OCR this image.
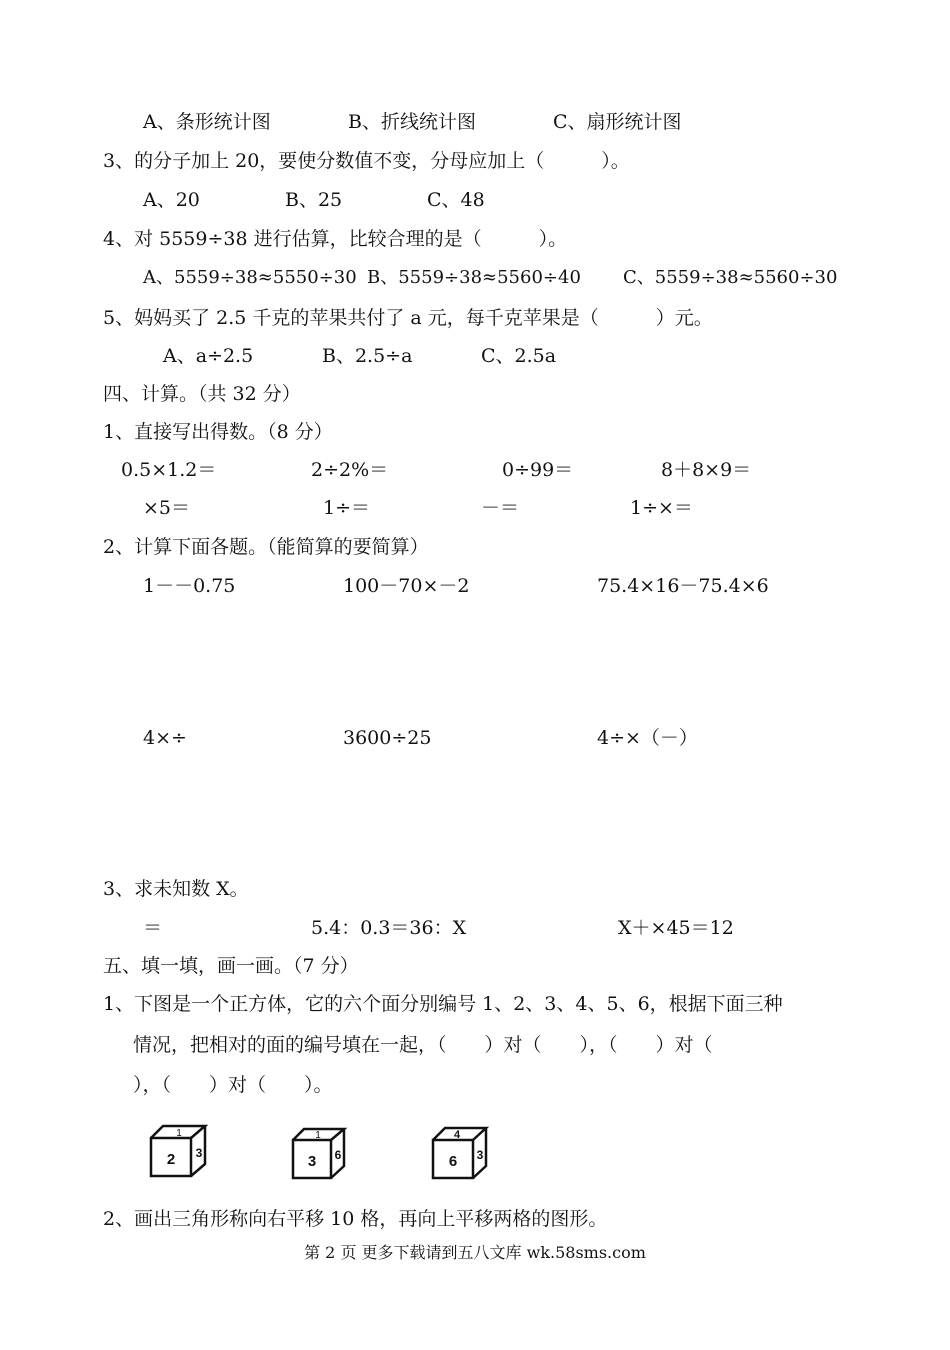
A、条形统计图	B、折线统计图	C、扇形统计图
3、的分子加上 20，要使分数值不变，分母应加上（　　　）。
A、20	B、25	C、48
4、对 5559÷38 进行估算，比较合理的是（　　　）。
A、5559÷38≈5550÷30 B、5559÷38≈5560÷40 C、5559÷38≈5560÷30
5、妈妈买了 2.5 千克的苹果共付了 a 元，每千克苹果是（　　　）元。
A、a÷2.5	B、2.5÷a	C、2.5a
四、计算。（共 32 分）
1、直接写出得数。（8 分）
0.5×1.2＝	2÷2%＝	0÷99＝	8＋8×9＝
×5＝	1÷＝	－＝	1÷×＝
2、计算下面各题。（能简算的要简算）
1－－0.75	100－70×－2	75.4×16－75.4×6
4×÷	3600÷25	4÷×（－）
3、求未知数 X。
＝	5.4：0.3＝36：X	X＋×45＝12
五、填一填，画一画。（7 分）
1、下图是一个正方体，它的六个面分别编号 1、2、3、4、5、6，根据下面三种
情况，把相对的面的编号填在一起，（　　）对（　　），（　　）对（
），（　　）对（　　）。
2 3
1
3 6
1
6 3
4
2、画出三角形称向右平移 10 格，再向上平移两格的图形。
第 2 页 更多下载请到五八文库 wk.58sms.com
